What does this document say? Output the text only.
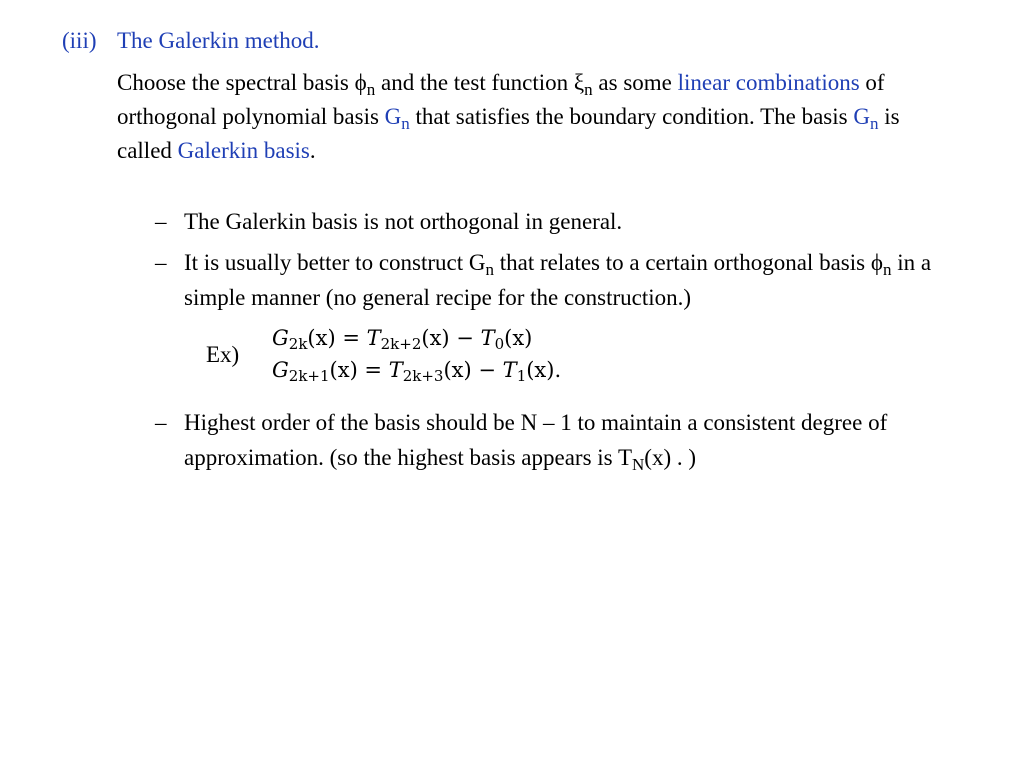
(iii) The Galerkin method.
Choose the spectral basis $\phi_n$ and the test function $\xi_n$ as some linear combinations of orthogonal polynomial basis $G_n$ that satisfies the boundary condition. The basis $G_n$ is called Galerkin basis.

– The Galerkin basis is not orthogonal in general.

– It is usually better to construct $G_n$ that relates to a certain orthogonal basis $\phi_n$ in a simple manner (no general recipe for the construction.)

Ex)
$G_{2k}(x) = T_{2k+2}(x) - T_0(x)$
$G_{2k+1}(x) = T_{2k+3}(x) - T_1(x)$.

– Highest order of the basis should be N – 1 to maintain a consistent degree of approximation. (so the highest basis appears is $T_N(x)$ . )
